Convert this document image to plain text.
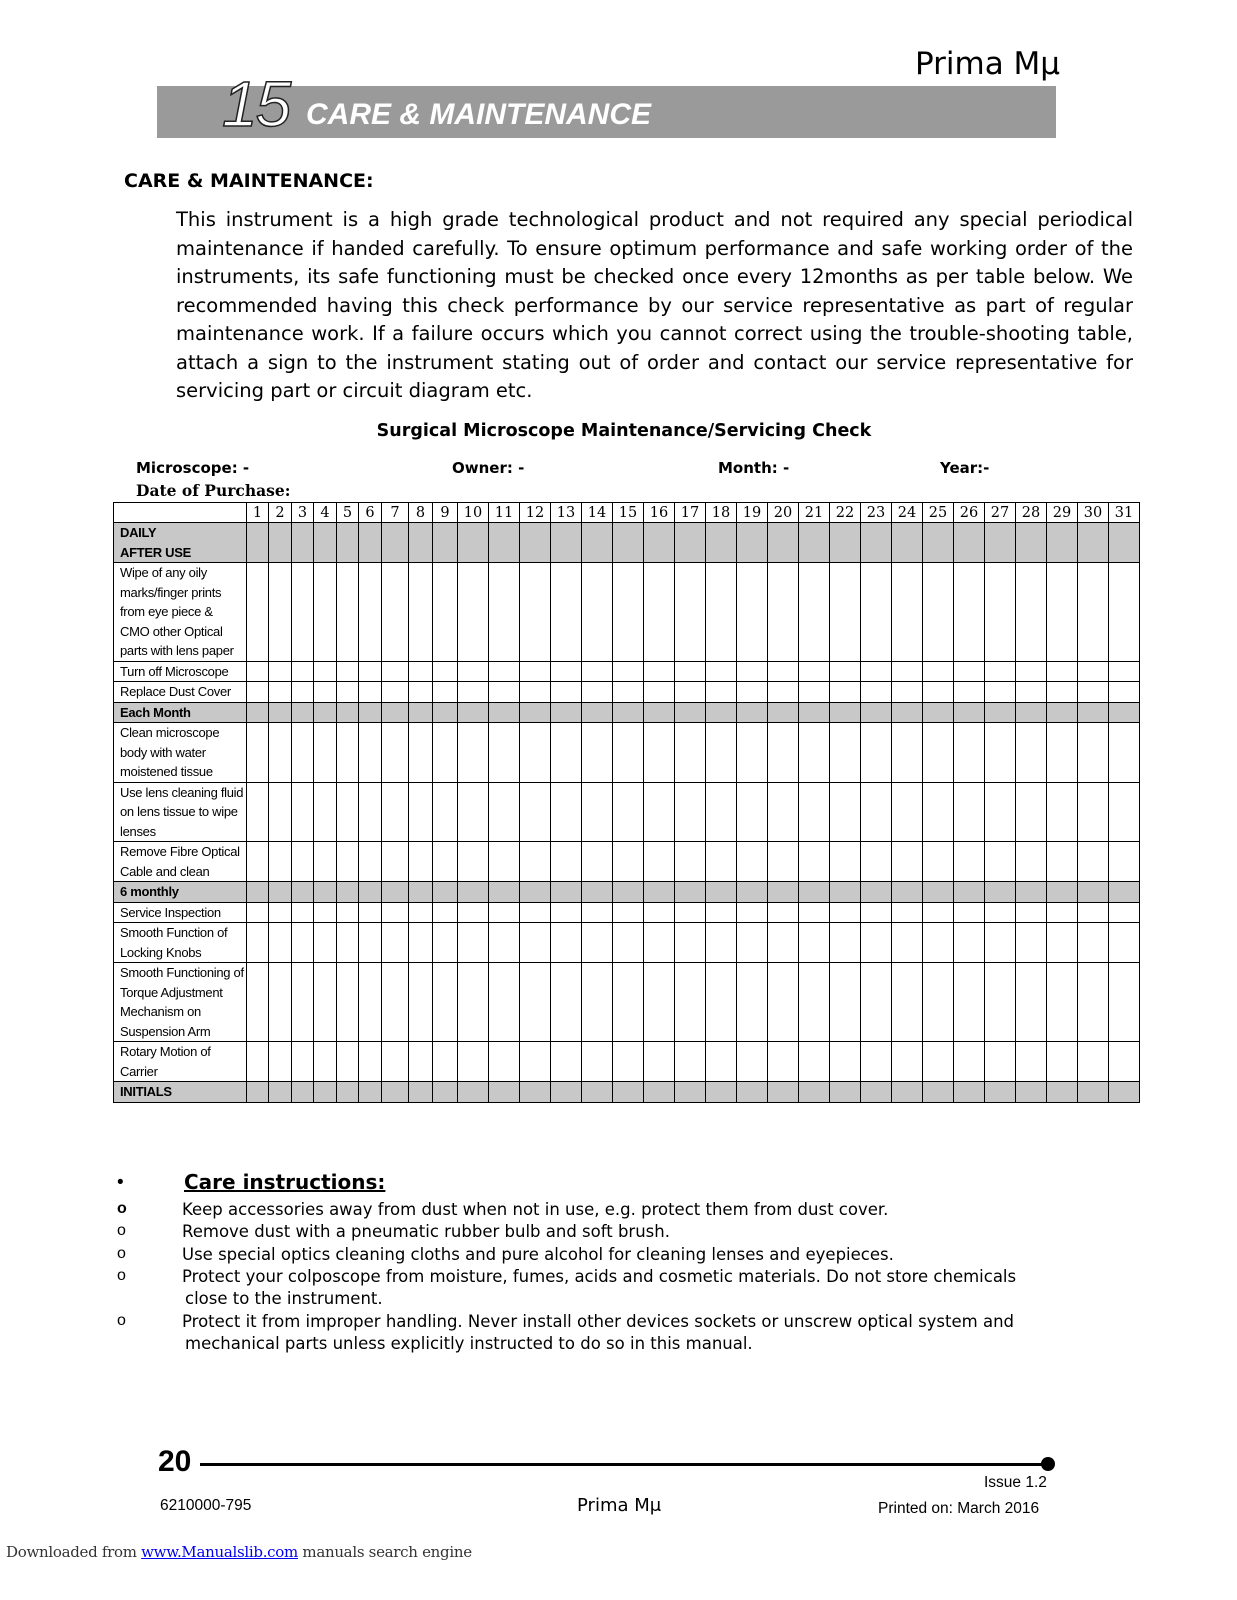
Prima Mμ
15 CARE & MAINTENANCE
CARE & MAINTENANCE:
This instrument is a high grade technological product and not required any special periodical maintenance if handed carefully. To ensure optimum performance and safe working order of the instruments, its safe functioning must be checked once every 12months as per table below. We recommended having this check performance by our service representative as part of regular maintenance work. If a failure occurs which you cannot correct using the trouble-shooting table, attach a sign to the instrument stating out of order and contact our service representative for servicing part or circuit diagram etc.
Surgical Microscope Maintenance/Servicing Check
Microscope: -	Owner: -	Month: -	Year:-
Date of Purchase:
	1	2	3	4	5	6	7	8	9	10	11	12	13	14	15	16	17	18	19	20	21	22	23	24	25	26	27	28	29	30	31

DAILY
AFTER USE																															

Wipe of any oily
marks/finger prints
from eye piece &
CMO other Optical
parts with lens paper																															

Turn off Microscope																															

Replace Dust Cover																															

Each Month																															

Clean microscope
body with water
moistened tissue																															

Use lens cleaning fluid
on lens tissue to wipe
lenses																															

Remove Fibre Optical
Cable and clean																															

6 monthly																															

Service Inspection																															

Smooth Function of
Locking Knobs																															

Smooth Functioning of
Torque Adjustment
Mechanism on
Suspension Arm																															

Rotary Motion of
Carrier																															

INITIALS																															

•	Care instructions:
o	Keep accessories away from dust when not in use, e.g. protect them from dust cover.
o	Remove dust with a pneumatic rubber bulb and soft brush.
o	Use special optics cleaning cloths and pure alcohol for cleaning lenses and eyepieces.
o	Protect your colposcope from moisture, fumes, acids and cosmetic materials. Do not store chemicals
close to the instrument.
o	Protect it from improper handling. Never install other devices sockets or unscrew optical system and
mechanical parts unless explicitly instructed to do so in this manual.
20
Issue 1.2
6210000-795	Prima Mμ	Printed on: March 2016
Downloaded from www.Manualslib.com manuals search engine
